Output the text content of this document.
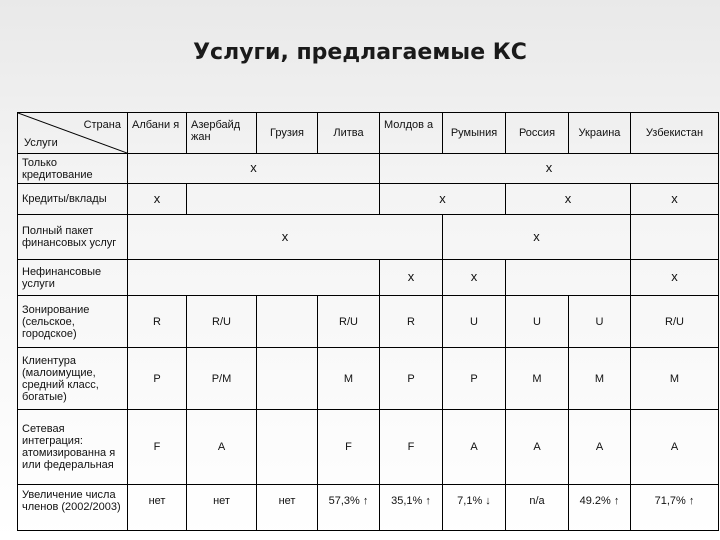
Услуги, предлагаемые КС
Страна
Услуги	Албани я	Азербайд жан	Грузия	Литва	Молдов а	Румыния	Россия	Украина	Узбекистан	
Только кредитование	x				x					
Кредиты/вклады	x				x		x		x	
Полный пакет финансовых услуг	x					x				
Нефинансовые услуги					x	x			x	
Зонирование (сельское, городское)	R	R/U		R/U	R	U	U	U	R/U	
Клиентура (малоимущие, средний класс, богатые)	P	P/M		M	P	P	M	M	M	
Сетевая интеграция: атомизированна я или федеральная	F	A		F	F	A	A	A	A	
Увеличение числа членов (2002/2003)	нет	нет	нет	57,3% ↑	35,1% ↑	7,1% ↓	n/a	49.2% ↑	71,7% ↑	
